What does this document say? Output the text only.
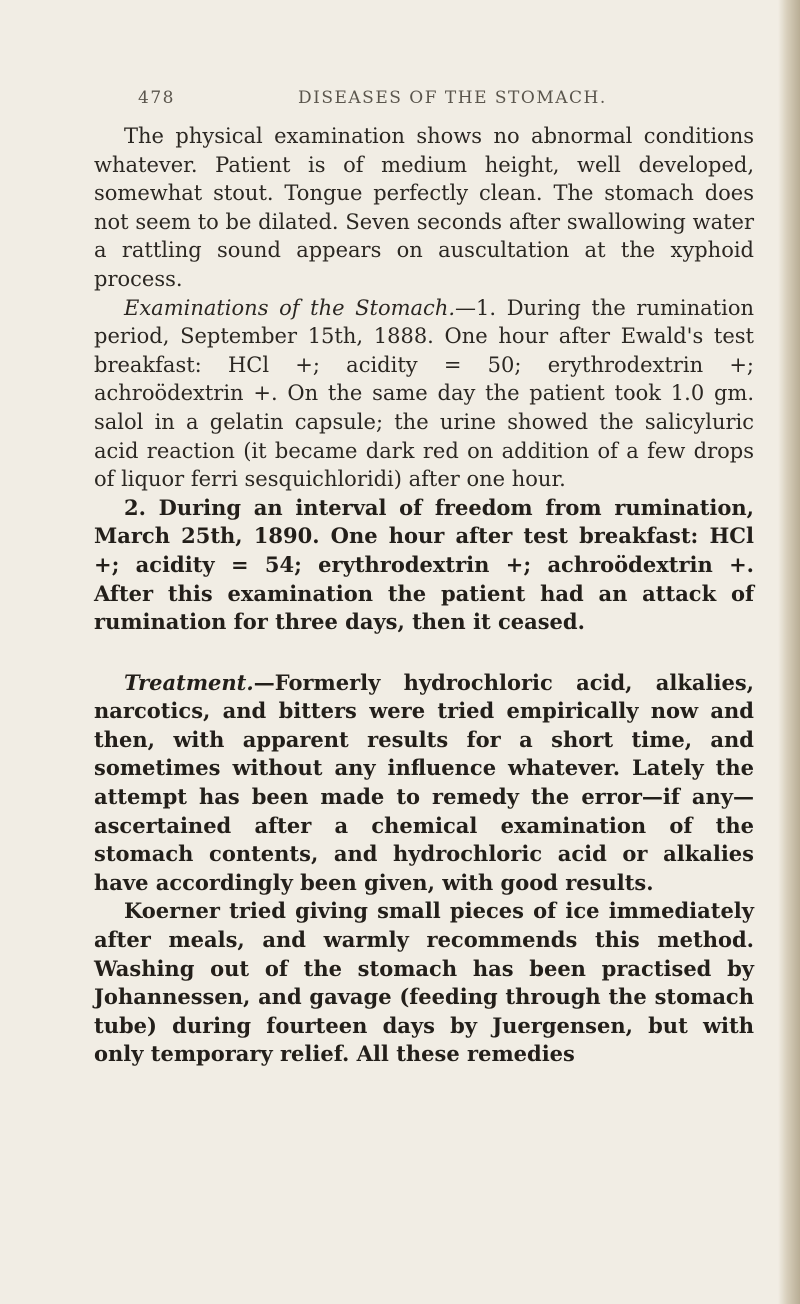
478	DISEASES OF THE STOMACH.

The physical examination shows no abnormal conditions whatever. Patient is of medium height, well developed, somewhat stout. Tongue perfectly clean. The stomach does not seem to be dilated. Seven seconds after swallowing water a rattling sound appears on auscultation at the xyphoid process.

Examinations of the Stomach.—1. During the rumination period, September 15th, 1888. One hour after Ewald's test breakfast: HCl +; acidity = 50; erythrodextrin +; achroödextrin +. On the same day the patient took 1.0 gm. salol in a gelatin capsule; the urine showed the salicyluric acid reaction (it became dark red on addition of a few drops of liquor ferri sesquichloridi) after one hour.

2. During an interval of freedom from rumination, March 25th, 1890. One hour after test breakfast: HCl +; acidity = 54; erythrodextrin +; achroödextrin +. After this examination the patient had an attack of rumination for three days, then it ceased.

Treatment.—Formerly hydrochloric acid, alkalies, narcotics, and bitters were tried empirically now and then, with apparent results for a short time, and sometimes without any influence whatever. Lately the attempt has been made to remedy the error—if any—ascertained after a chemical examination of the stomach contents, and hydrochloric acid or alkalies have accordingly been given, with good results.

Koerner tried giving small pieces of ice immediately after meals, and warmly recommends this method. Washing out of the stomach has been practised by Johannessen, and gavage (feeding through the stomach tube) during fourteen days by Juergensen, but with only temporary relief. All these remedies
